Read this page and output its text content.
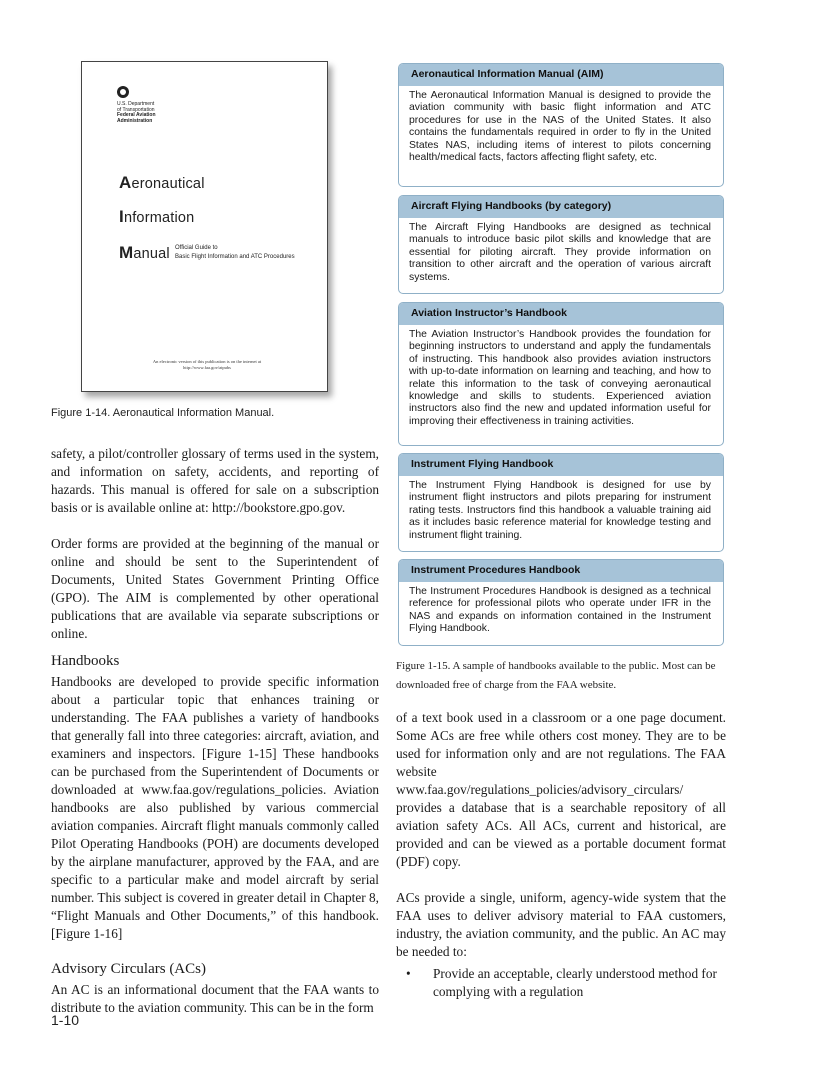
U.S. Department
of Transportation
Federal Aviation
Administration
Aeronautical
Information
Manual Official Guide to
Basic Flight Information and ATC Procedures
An electronic version of this publication is on the internet at
http://www.faa.gov/atpubs
Figure 1-14. Aeronautical Information Manual.
Aeronautical Information Manual (AIM)
The Aeronautical Information Manual is designed to provide the aviation community with basic flight information and ATC procedures for use in the NAS of the United States. It also contains the fundamentals required in order to fly in the United States NAS, including items of interest to pilots concerning health/medical facts, factors affecting flight safety, etc.
Aircraft Flying Handbooks (by category)
The Aircraft Flying Handbooks are designed as technical manuals to introduce basic pilot skills and knowledge that are essential for piloting aircraft. They provide information on transition to other aircraft and the operation of various aircraft systems.
Aviation Instructor’s Handbook
The Aviation Instructor’s Handbook provides the foundation for beginning instructors to understand and apply the fundamentals of instructing. This handbook also provides aviation instructors with up-to-date information on learning and teaching, and how to relate this information to the task of conveying aeronautical knowledge and skills to students. Experienced aviation instructors also find the new and updated information useful for improving their effectiveness in training activities.
Instrument Flying Handbook
The Instrument Flying Handbook is designed for use by instrument flight instructors and pilots preparing for instrument rating tests. Instructors find this handbook a valuable training aid as it includes basic reference material for knowledge testing and instrument flight training.
Instrument Procedures Handbook
The Instrument Procedures Handbook is designed as a technical reference for professional pilots who operate under IFR in the NAS and expands on information contained in the Instrument Flying Handbook.
Figure 1-15. A sample of handbooks available to the public. Most can be downloaded free of charge from the FAA website.

safety, a pilot/controller glossary of terms used in the system, and information on safety, accidents, and reporting of hazards. This manual is offered for sale on a subscription basis or is available online at: http://bookstore.gpo.gov.

Order forms are provided at the beginning of the manual or online and should be sent to the Superintendent of Documents, United States Government Printing Office (GPO). The AIM is complemented by other operational publications that are available via separate subscriptions or online.

Handbooks

Handbooks are developed to provide specific information about a particular topic that enhances training or understanding. The FAA publishes a variety of handbooks that generally fall into three categories: aircraft, aviation, and examiners and inspectors. [Figure 1-15] These handbooks can be purchased from the Superintendent of Documents or downloaded at www.faa.gov/regulations_policies. Aviation handbooks are also published by various commercial aviation companies. Aircraft flight manuals commonly called Pilot Operating Handbooks (POH) are documents developed by the airplane manufacturer, approved by the FAA, and are specific to a particular make and model aircraft by serial number. This subject is covered in greater detail in Chapter 8, “Flight Manuals and Other Documents,” of this handbook. [Figure 1-16]

Advisory Circulars (ACs)

An AC is an informational document that the FAA wants to distribute to the aviation community. This can be in the form

of a text book used in a classroom or a one page document. Some ACs are free while others cost money. They are to be used for information only and are not regulations. The FAA website www.faa.gov/regulations_policies/advisory_circulars/ provides a database that is a searchable repository of all aviation safety ACs. All ACs, current and historical, are provided and can be viewed as a portable document format (PDF) copy.

ACs provide a single, uniform, agency-wide system that the FAA uses to deliver advisory material to FAA customers, industry, the aviation community, and the public. An AC may be needed to:

• Provide an acceptable, clearly understood method for complying with a regulation
1-10
